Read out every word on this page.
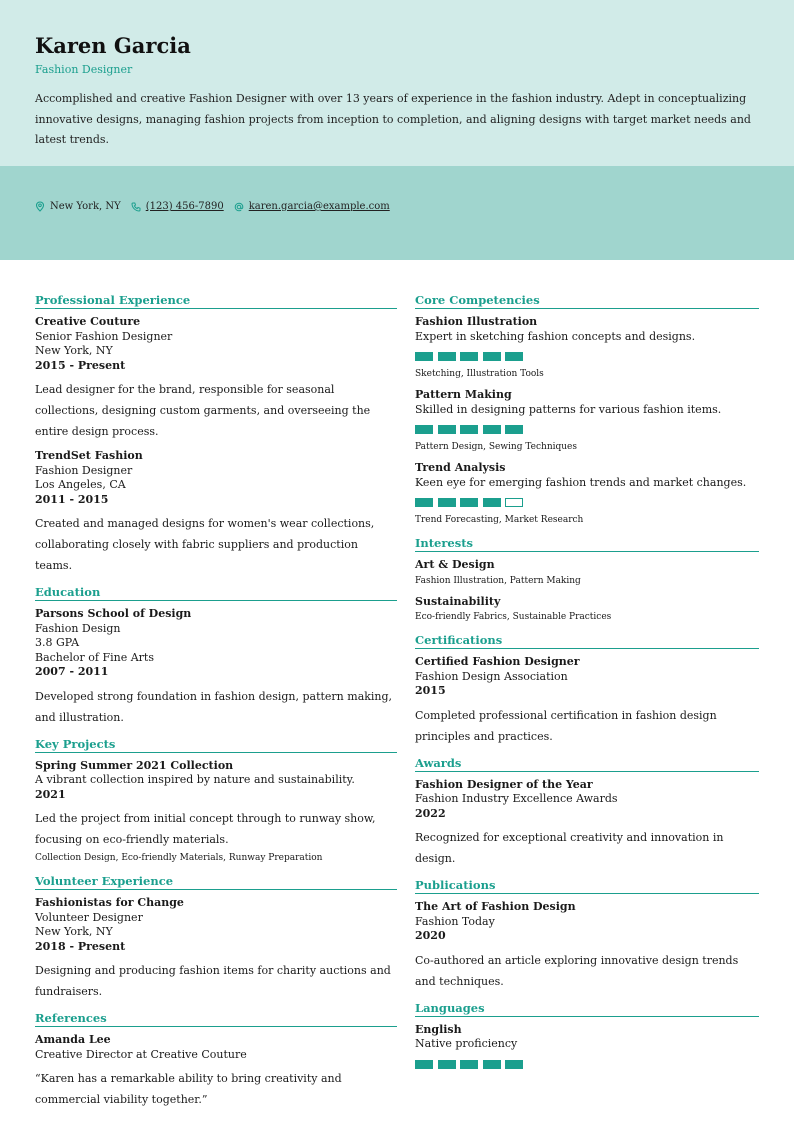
Karen Garcia
Fashion Designer
Accomplished and creative Fashion Designer with over 13 years of experience in the fashion industry. Adept in conceptualizing innovative designs, managing fashion projects from inception to completion, and aligning designs with target market needs and latest trends.
New York, NY	(123) 456-7890	karen.garcia@example.com
Professional Experience
Creative Couture
Senior Fashion Designer
New York, NY
2015 - Present
Lead designer for the brand, responsible for seasonal collections, designing custom garments, and overseeing the entire design process.
TrendSet Fashion
Fashion Designer
Los Angeles, CA
2011 - 2015
Created and managed designs for women's wear collections, collaborating closely with fabric suppliers and production teams.
Education
Parsons School of Design
Fashion Design
3.8 GPA
Bachelor of Fine Arts
2007 - 2011
Developed strong foundation in fashion design, pattern making, and illustration.
Key Projects
Spring Summer 2021 Collection
A vibrant collection inspired by nature and sustainability.
2021
Led the project from initial concept through to runway show, focusing on eco-friendly materials.
Collection Design, Eco-friendly Materials, Runway Preparation
Volunteer Experience
Fashionistas for Change
Volunteer Designer
New York, NY
2018 - Present
Designing and producing fashion items for charity auctions and fundraisers.
References
Amanda Lee
Creative Director at Creative Couture
“Karen has a remarkable ability to bring creativity and commercial viability together.”
Core Competencies
Fashion Illustration
Expert in sketching fashion concepts and designs.
Sketching, Illustration Tools
Pattern Making
Skilled in designing patterns for various fashion items.
Pattern Design, Sewing Techniques
Trend Analysis
Keen eye for emerging fashion trends and market changes.
Trend Forecasting, Market Research
Interests
Art & Design
Fashion Illustration, Pattern Making
Sustainability
Eco-friendly Fabrics, Sustainable Practices
Certifications
Certified Fashion Designer
Fashion Design Association
2015
Completed professional certification in fashion design principles and practices.
Awards
Fashion Designer of the Year
Fashion Industry Excellence Awards
2022
Recognized for exceptional creativity and innovation in design.
Publications
The Art of Fashion Design
Fashion Today
2020
Co-authored an article exploring innovative design trends and techniques.
Languages
English
Native proficiency
